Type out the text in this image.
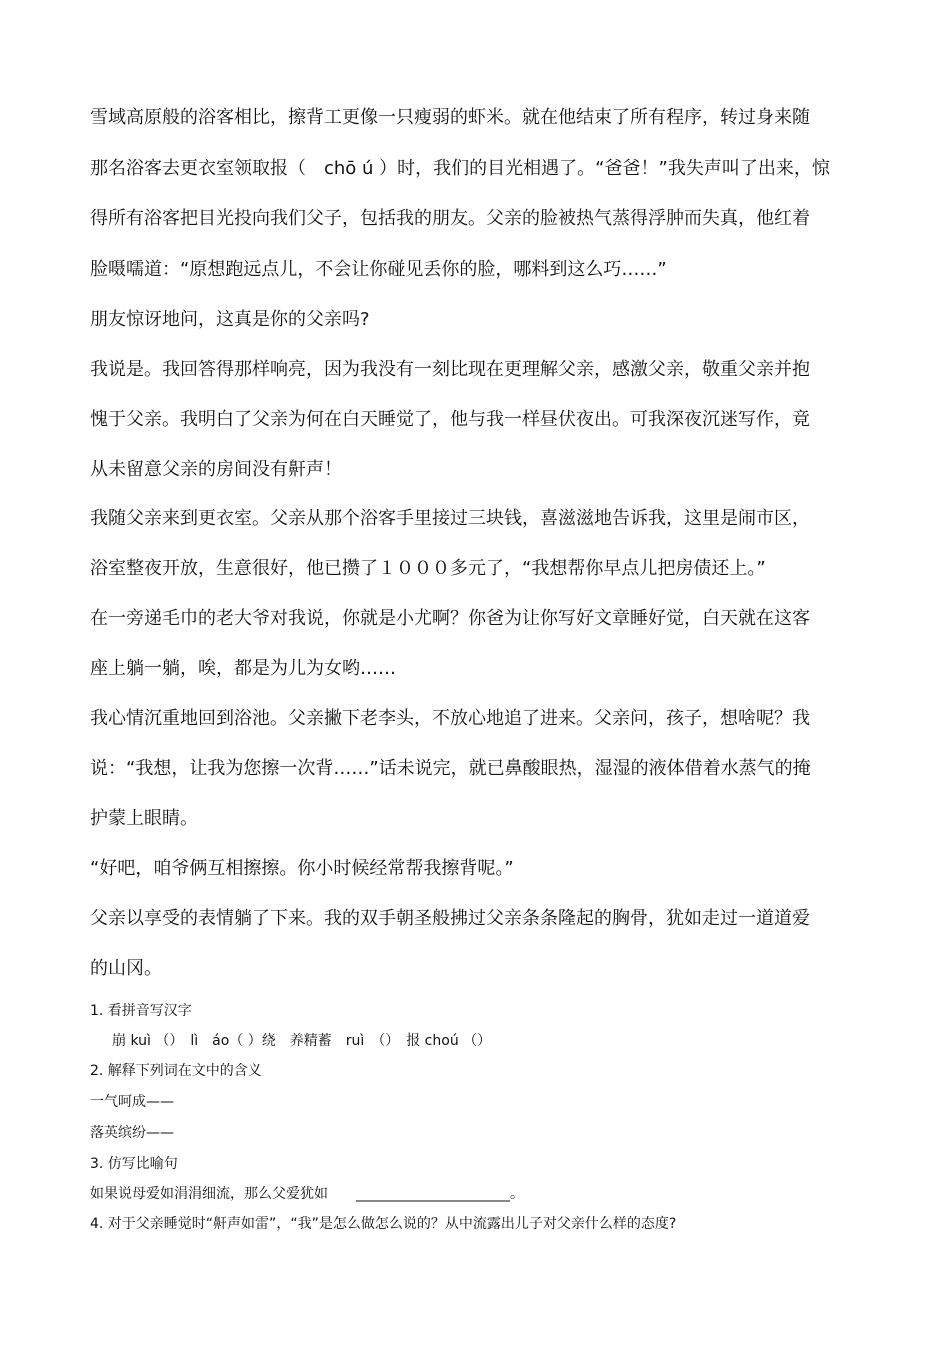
雪域高原般的浴客相比，擦背工更像一只瘦弱的虾米。就在他结束了所有程序，转过身来随

那名浴客去更衣室领取报（　chō ú ）时，我们的目光相遇了。“爸爸！”我失声叫了出来，惊

得所有浴客把目光投向我们父子，包括我的朋友。父亲的脸被热气蒸得浮肿而失真，他红着

脸嗫嚅道：“原想跑远点儿，不会让你碰见丢你的脸，哪料到这么巧……”

朋友惊讶地问，这真是你的父亲吗?

我说是。我回答得那样响亮，因为我没有一刻比现在更理解父亲，感激父亲，敬重父亲并抱

愧于父亲。我明白了父亲为何在白天睡觉了，他与我一样昼伏夜出。可我深夜沉迷写作，竟

从未留意父亲的房间没有鼾声！

我随父亲来到更衣室。父亲从那个浴客手里接过三块钱，喜滋滋地告诉我，这里是闹市区，

浴室整夜开放，生意很好，他已攒了１０００多元了，“我想帮你早点儿把房债还上。”

在一旁递毛巾的老大爷对我说，你就是小尤啊？你爸为让你写好文章睡好觉，白天就在这客

座上躺一躺，唉，都是为儿为女哟……

我心情沉重地回到浴池。父亲撇下老李头，不放心地追了进来。父亲问，孩子，想啥呢？我

说：“我想，让我为您擦一次背……”话未说完，就已鼻酸眼热，湿湿的液体借着水蒸气的掩

护蒙上眼睛。

“好吧，咱爷俩互相擦擦。你小时候经常帮我擦背呢。”

父亲以享受的表情躺了下来。我的双手朝圣般拂过父亲条条隆起的胸骨，犹如走过一道道爱

的山冈。

1. 看拼音写汉字

崩 kuì （）　lì　áo（ ）绕　养精蓄　ruì　（）　报 chоú （）

2. 解释下列词在文中的含义

一气呵成——

落英缤纷——

3. 仿写比喻句

如果说母爱如涓涓细流，那么父爱犹如　　______________________。

4. 对于父亲睡觉时“鼾声如雷”，“我”是怎么做怎么说的？从中流露出儿子对父亲什么样的态度?
